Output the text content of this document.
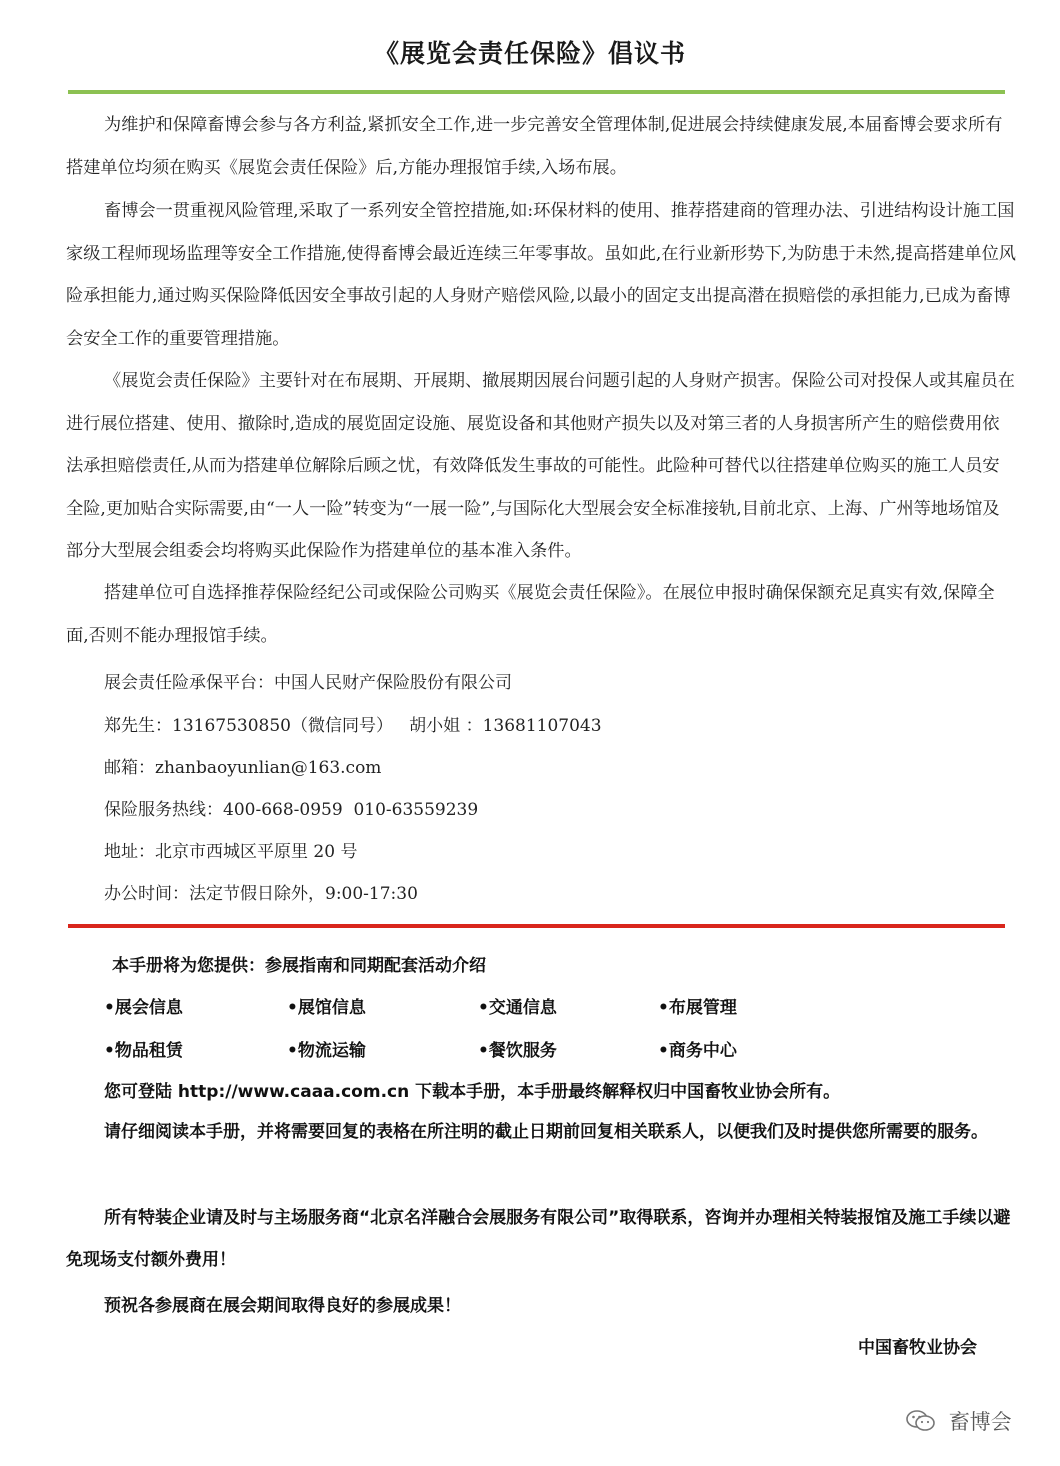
《展览会责任保险》倡议书

为维护和保障畜博会参与各方利益,紧抓安全工作,进一步完善安全管理体制,促进展会持续健康发展,本届畜博会要求所有搭建单位均须在购买《展览会责任保险》后,方能办理报馆手续,入场布展。

畜博会一贯重视风险管理,采取了一系列安全管控措施,如:环保材料的使用、推荐搭建商的管理办法、引进结构设计施工国家级工程师现场监理等安全工作措施,使得畜博会最近连续三年零事故。虽如此,在行业新形势下,为防患于未然,提高搭建单位风险承担能力,通过购买保险降低因安全事故引起的人身财产赔偿风险,以最小的固定支出提高潜在损赔偿的承担能力,已成为畜博会安全工作的重要管理措施。

《展览会责任保险》主要针对在布展期、开展期、撤展期因展台问题引起的人身财产损害。保险公司对投保人或其雇员在进行展位搭建、使用、撤除时,造成的展览固定设施、展览设备和其他财产损失以及对第三者的人身损害所产生的赔偿费用依法承担赔偿责任,从而为搭建单位解除后顾之忧，有效降低发生事故的可能性。此险种可替代以往搭建单位购买的施工人员安全险,更加贴合实际需要,由“一人一险”转变为“一展一险”,与国际化大型展会安全标准接轨,目前北京、上海、广州等地场馆及部分大型展会组委会均将购买此保险作为搭建单位的基本准入条件。

搭建单位可自选择推荐保险经纪公司或保险公司购买《展览会责任保险》。在展位申报时确保保额充足真实有效,保障全面,否则不能办理报馆手续。

展会责任险承保平台：中国人民财产保险股份有限公司
郑先生：13167530850（微信同号）   胡小姐 ：13681107043
邮箱：zhanbaoyunlian@163.com
保险服务热线：400-668-0959  010-63559239
地址：北京市西城区平原里 20 号
办公时间：法定节假日除外，9:00-17:30
本手册将为您提供：参展指南和同期配套活动介绍
•展会信息	•展馆信息	•交通信息	•布展管理
•物品租赁	•物流运输	•餐饮服务	•商务中心
您可登陆 http://www.caaa.com.cn 下载本手册，本手册最终解释权归中国畜牧业协会所有。

请仔细阅读本手册，并将需要回复的表格在所注明的截止日期前回复相关联系人，以便我们及时提供您所需要的服务。

所有特装企业请及时与主场服务商“北京名洋融合会展服务有限公司”取得联系，咨询并办理相关特装报馆及施工手续以避免现场支付额外费用！

预祝各参展商在展会期间取得良好的参展成果！
中国畜牧业协会
畜博会
